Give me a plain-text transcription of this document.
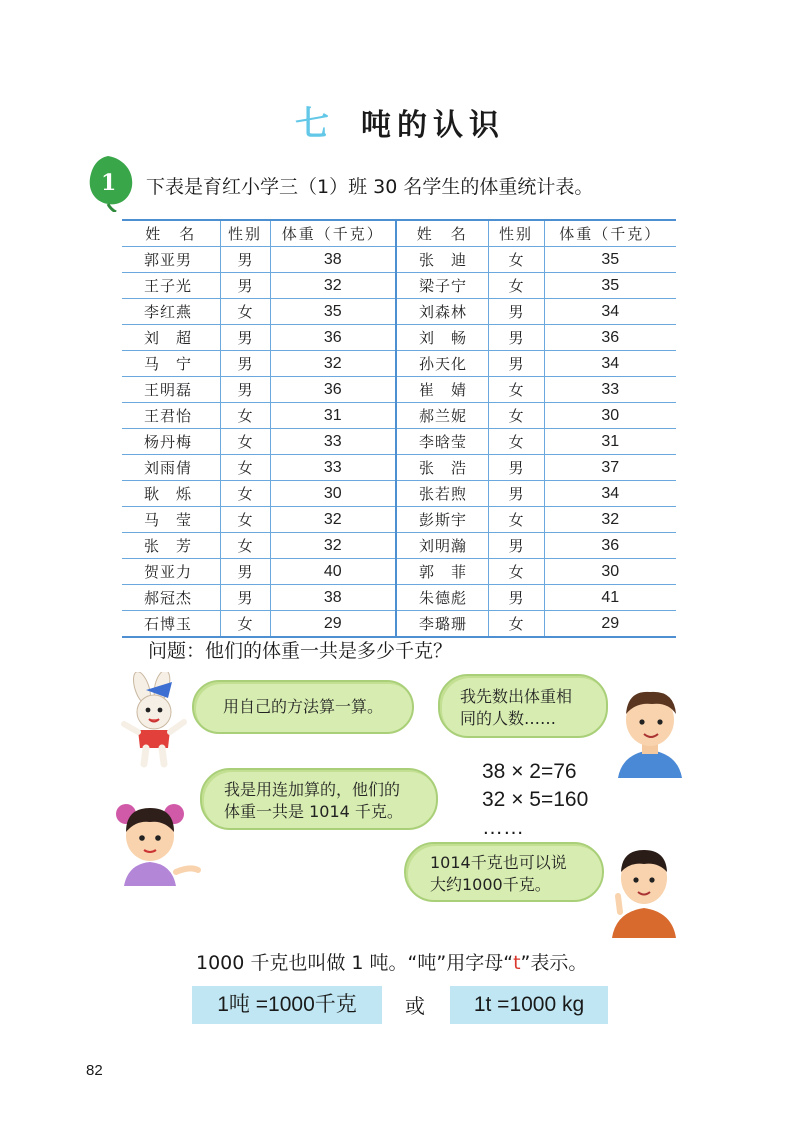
七 吨的认识
1 下表是育红小学三（1）班 30 名学生的体重统计表。
姓　名	性别	体重（千克）	姓　名	性别	体重（千克）
郭亚男	男	38	张　迪	女	35
王子光	男	32	梁子宁	女	35
李红燕	女	35	刘森林	男	34
刘　超	男	36	刘　畅	男	36
马　宁	男	32	孙天化	男	34
王明磊	男	36	崔　婧	女	33
王君怡	女	31	郝兰妮	女	30
杨丹梅	女	33	李晗莹	女	31
刘雨倩	女	33	张　浩	男	37
耿　烁	女	30	张若煦	男	34
马　莹	女	32	彭斯宇	女	32
张　芳	女	32	刘明瀚	男	36
贺亚力	男	40	郭　菲	女	30
郝冠杰	男	38	朱德彪	男	41
石博玉	女	29	李璐珊	女	29
问题：他们的体重一共是多少千克？
用自己的方法算一算。
我先数出体重相
同的人数……
38 × 2=76
32 × 5=160
……
我是用连加算的，他们的
体重一共是 1014 千克。
1014千克也可以说
大约1000千克。
1000 千克也叫做 1 吨。“吨”用字母“t”表示。
1吨 =1000千克	或	1t =1000 kg
82
